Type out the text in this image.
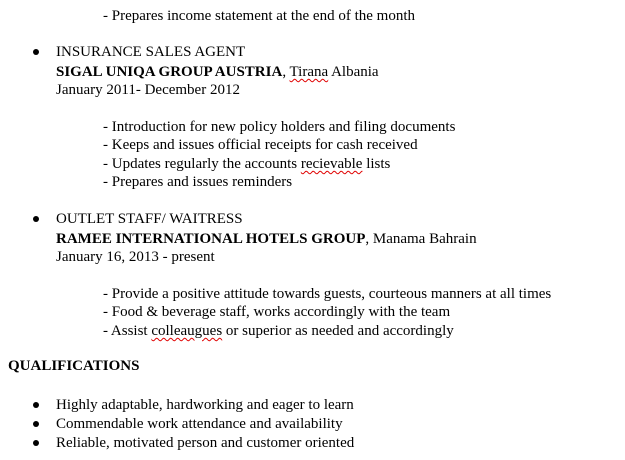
- Prepares income statement at the end of the month
INSURANCE SALES AGENT
SIGAL UNIQA GROUP AUSTRIA, Tirana Albania
January 2011- December 2012
- Introduction for new policy holders and filing documents
- Keeps and issues official receipts for cash received
- Updates regularly the accounts recievable lists
- Prepares and issues reminders
OUTLET STAFF/ WAITRESS
RAMEE INTERNATIONAL HOTELS GROUP, Manama Bahrain
January 16, 2013 - present
- Provide a positive attitude towards guests, courteous manners at all times
- Food & beverage staff, works accordingly with the team
- Assist colleaugues or superior as needed and accordingly
QUALIFICATIONS
Highly adaptable, hardworking and eager to learn
Commendable work attendance and availability
Reliable, motivated person and customer oriented
